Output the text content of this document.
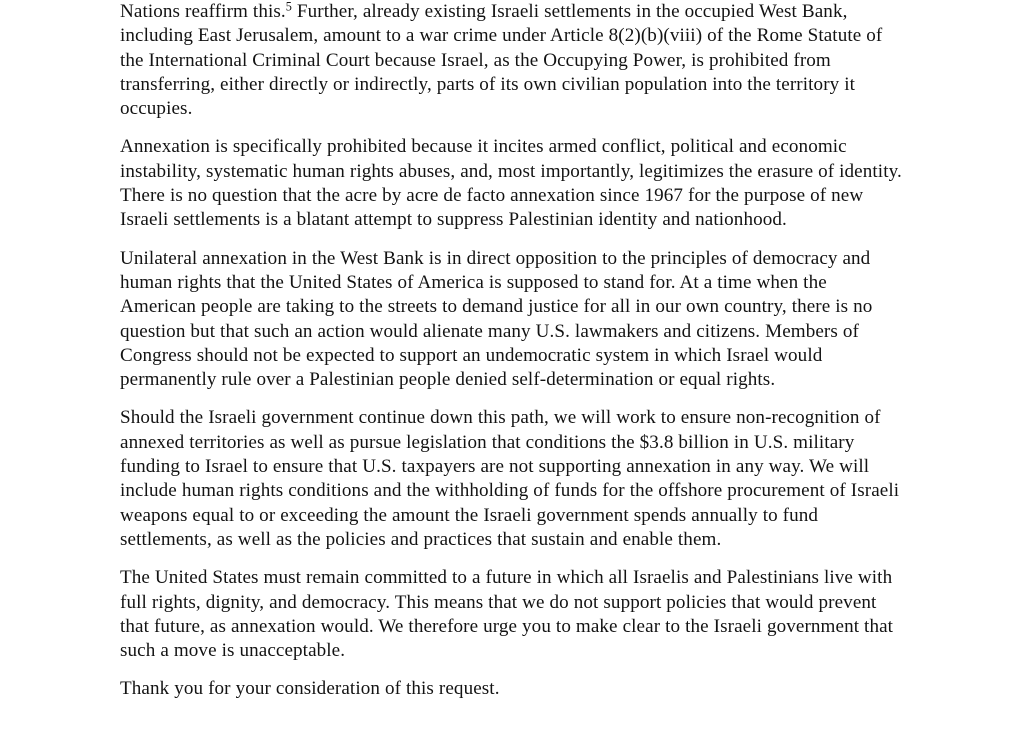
Nations reaffirm this.$^5$ Further, already existing Israeli settlements in the occupied West Bank, including East Jerusalem, amount to a war crime under Article 8(2)(b)(viii) of the Rome Statute of the International Criminal Court because Israel, as the Occupying Power, is prohibited from transferring, either directly or indirectly, parts of its own civilian population into the territory it occupies.

Annexation is specifically prohibited because it incites armed conflict, political and economic instability, systematic human rights abuses, and, most importantly, legitimizes the erasure of identity. There is no question that the acre by acre de facto annexation since 1967 for the purpose of new Israeli settlements is a blatant attempt to suppress Palestinian identity and nationhood.

Unilateral annexation in the West Bank is in direct opposition to the principles of democracy and human rights that the United States of America is supposed to stand for. At a time when the American people are taking to the streets to demand justice for all in our own country, there is no question but that such an action would alienate many U.S. lawmakers and citizens. Members of Congress should not be expected to support an undemocratic system in which Israel would permanently rule over a Palestinian people denied self-determination or equal rights.

Should the Israeli government continue down this path, we will work to ensure non-recognition of annexed territories as well as pursue legislation that conditions the $3.8 billion in U.S. military funding to Israel to ensure that U.S. taxpayers are not supporting annexation in any way. We will include human rights conditions and the withholding of funds for the offshore procurement of Israeli weapons equal to or exceeding the amount the Israeli government spends annually to fund settlements, as well as the policies and practices that sustain and enable them.

The United States must remain committed to a future in which all Israelis and Palestinians live with full rights, dignity, and democracy. This means that we do not support policies that would prevent that future, as annexation would. We therefore urge you to make clear to the Israeli government that such a move is unacceptable.

Thank you for your consideration of this request.
